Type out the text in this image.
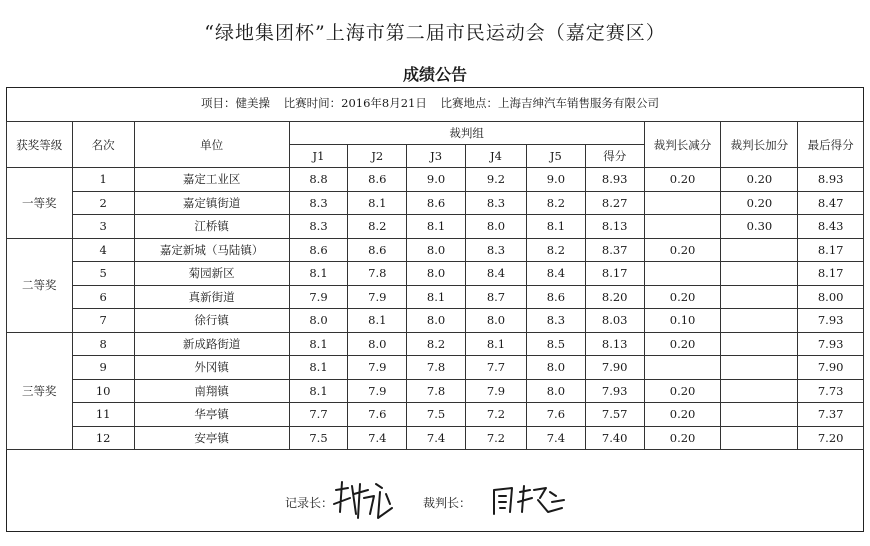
“绿地集团杯”上海市第二届市民运动会（嘉定赛区）
成绩公告
项目：健美操 比赛时间：2016年8月21日 比赛地点：上海吉绅汽车销售服务有限公司
获奖等级	名次	单位	裁判组						裁判长减分	裁判长加分	最后得分
			J1	J2	J3	J4	J5	得分			
一等奖	1	嘉定工业区	8.8	8.6	9.0	9.2	9.0	8.93	0.20	0.20	8.93
	2	嘉定镇街道	8.3	8.1	8.6	8.3	8.2	8.27		0.20	8.47
	3	江桥镇	8.3	8.2	8.1	8.0	8.1	8.13		0.30	8.43
二等奖	4	嘉定新城（马陆镇）	8.6	8.6	8.0	8.3	8.2	8.37	0.20		8.17
	5	菊园新区	8.1	7.8	8.0	8.4	8.4	8.17			8.17
	6	真新街道	7.9	7.9	8.1	8.7	8.6	8.20	0.20		8.00
	7	徐行镇	8.0	8.1	8.0	8.0	8.3	8.03	0.10		7.93
三等奖	8	新成路街道	8.1	8.0	8.2	8.1	8.5	8.13	0.20		7.93
	9	外冈镇	8.1	7.9	7.8	7.7	8.0	7.90			7.90
	10	南翔镇	8.1	7.9	7.8	7.9	8.0	7.93	0.20		7.73
	11	华亭镇	7.7	7.6	7.5	7.2	7.6	7.57	0.20		7.37
	12	安亭镇	7.5	7.4	7.4	7.2	7.4	7.40	0.20		7.20
记录长：	裁判长：
